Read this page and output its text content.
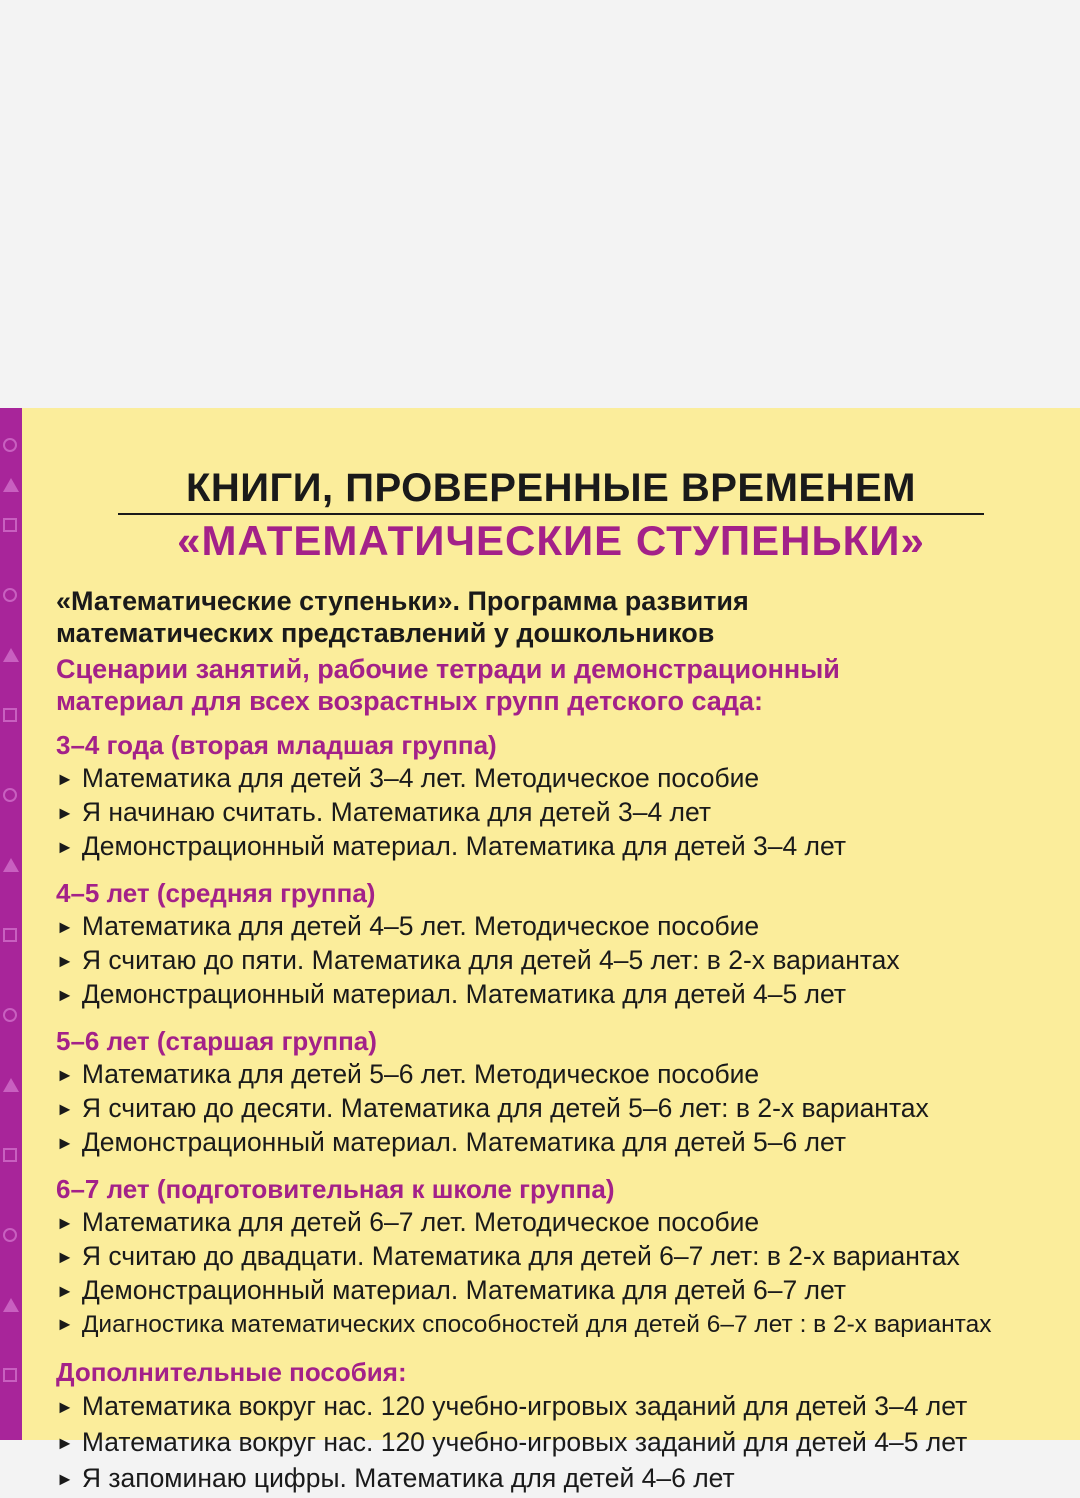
КНИГИ, ПРОВЕРЕННЫЕ ВРЕМЕНЕМ
«МАТЕМАТИЧЕСКИЕ СТУПЕНЬКИ»
«Математические ступеньки». Программа развития
математических представлений у дошкольников
Сценарии занятий, рабочие тетради и демонстрационный
материал для всех возрастных групп детского сада:
3–4 года (вторая младшая группа)
► Математика для детей 3–4 лет. Методическое пособие
► Я начинаю считать. Математика для детей 3–4 лет
► Демонстрационный материал. Математика для детей 3–4 лет
4–5 лет (средняя группа)
► Математика для детей 4–5 лет. Методическое пособие
► Я считаю до пяти. Математика для детей 4–5 лет: в 2-х вариантах
► Демонстрационный материал. Математика для детей 4–5 лет
5–6 лет (старшая группа)
► Математика для детей 5–6 лет. Методическое пособие
► Я считаю до десяти. Математика для детей 5–6 лет: в 2-х вариантах
► Демонстрационный материал. Математика для детей 5–6 лет
6–7 лет (подготовительная к школе группа)
► Математика для детей 6–7 лет. Методическое пособие
► Я считаю до двадцати. Математика для детей 6–7 лет: в 2-х вариантах
► Демонстрационный материал. Математика для детей 6–7 лет
► Диагностика математических способностей для детей 6–7 лет : в 2-х вариантах
Дополнительные пособия:
► Математика вокруг нас. 120 учебно-игровых заданий для детей 3–4 лет
► Математика вокруг нас. 120 учебно-игровых заданий для детей 4–5 лет
► Я запоминаю цифры. Математика для детей 4–6 лет
